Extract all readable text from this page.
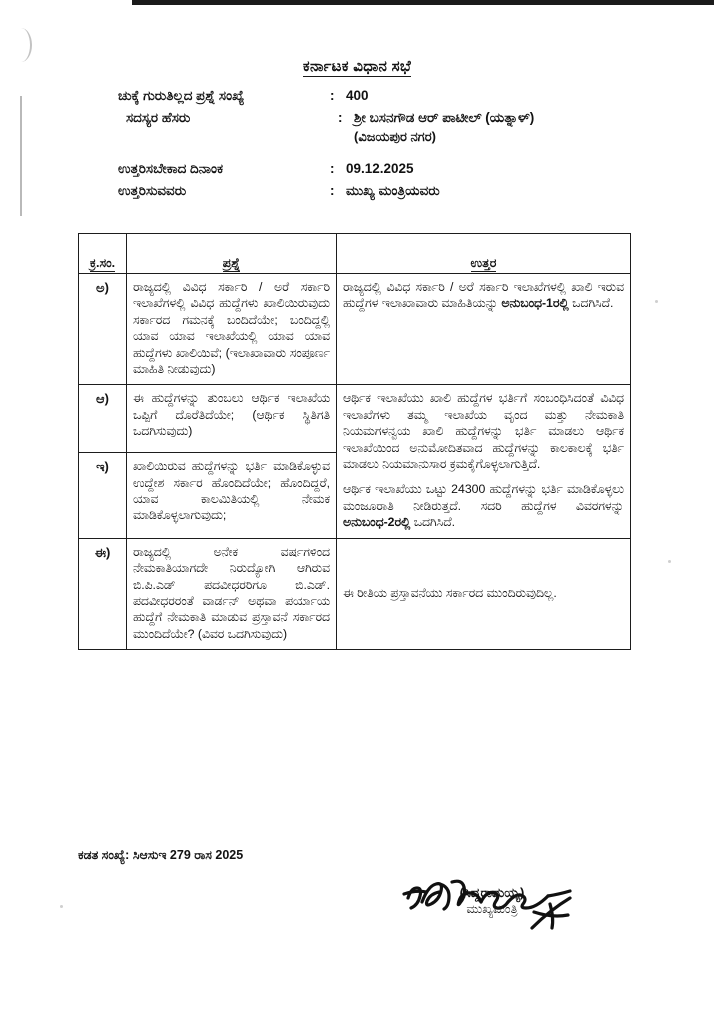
ಕರ್ನಾಟಕ ವಿಧಾನ ಸಭೆ
ಚುಕ್ಕೆ ಗುರುತಿಲ್ಲದ ಪ್ರಶ್ನೆ ಸಂಖ್ಯೆ	: 400
ಸದಸ್ಯರ ಹೆಸರು	: ಶ್ರೀ ಬಸನಗೌಡ ಆರ್ ಪಾಟೀಲ್ (ಯತ್ನಾಳ್)
(ವಿಜಯಪುರ ನಗರ)
ಉತ್ತರಿಸಬೇಕಾದ ದಿನಾಂಕ	: 09.12.2025
ಉತ್ತರಿಸುವವರು	: ಮುಖ್ಯ ಮಂತ್ರಿಯವರು
ಕ್ರ.ಸಂ.	ಪ್ರಶ್ನೆ	ಉತ್ತರ
ಅ)	ರಾಜ್ಯದಲ್ಲಿ ವಿವಿಧ ಸರ್ಕಾರಿ / ಅರೆ ಸರ್ಕಾರಿ ಇಲಾಖೆಗಳಲ್ಲಿ ವಿವಿಧ ಹುದ್ದೆಗಳು ಖಾಲಿಯಿರುವುದು ಸರ್ಕಾರದ ಗಮನಕ್ಕೆ ಬಂದಿದೆಯೇ; ಬಂದಿದ್ದಲ್ಲಿ ಯಾವ ಯಾವ ಇಲಾಖೆಯಲ್ಲಿ ಯಾವ ಯಾವ ಹುದ್ದೆಗಳು ಖಾಲಿಯಿವೆ; (ಇಲಾಖಾವಾರು ಸಂಪೂರ್ಣ ಮಾಹಿತಿ ನೀಡುವುದು)	ರಾಜ್ಯದಲ್ಲಿ ವಿವಿಧ ಸರ್ಕಾರಿ / ಅರೆ ಸರ್ಕಾರಿ ಇಲಾಖೆಗಳಲ್ಲಿ ಖಾಲಿ ಇರುವ ಹುದ್ದೆಗಳ ಇಲಾಖಾವಾರು ಮಾಹಿತಿಯನ್ನು ಅನುಬಂಧ-1ರಲ್ಲಿ ಒದಗಿಸಿದೆ.

ಆ)	ಈ ಹುದ್ದೆಗಳನ್ನು ತುಂಬಲು ಆರ್ಥಿಕ ಇಲಾಖೆಯ ಒಪ್ಪಿಗೆ ದೊರೆತಿದೆಯೇ; (ಆರ್ಥಿಕ ಸ್ಥಿತಿಗತಿ ಒದಗಿಸುವುದು)	ಆರ್ಥಿಕ ಇಲಾಖೆಯು ಖಾಲಿ ಹುದ್ದೆಗಳ ಭರ್ತಿಗೆ ಸಂಬಂಧಿಸಿದಂತೆ ವಿವಿಧ ಇಲಾಖೆಗಳು ತಮ್ಮ ಇಲಾಖೆಯ ವೃಂದ ಮತ್ತು ನೇಮಕಾತಿ ನಿಯಮಗಳನ್ವಯ ಖಾಲಿ ಹುದ್ದೆಗಳನ್ನು ಭರ್ತಿ ಮಾಡಲು ಆರ್ಥಿಕ ಇಲಾಖೆಯಿಂದ ಅನುಮೋದಿತವಾದ ಹುದ್ದೆಗಳನ್ನು ಕಾಲಕಾಲಕ್ಕೆ ಭರ್ತಿ ಮಾಡಲು ನಿಯಮಾನುಸಾರ ಕ್ರಮಕೈಗೊಳ್ಳಲಾಗುತ್ತಿದೆ.

ಆರ್ಥಿಕ ಇಲಾಖೆಯು ಒಟ್ಟು 24300 ಹುದ್ದೆಗಳನ್ನು ಭರ್ತಿ ಮಾಡಿಕೊಳ್ಳಲು ಮಂಜೂರಾತಿ ನೀಡಿರುತ್ತದೆ. ಸದರಿ ಹುದ್ದೆಗಳ ವಿವರಗಳನ್ನು ಅನುಬಂಧ-2ರಲ್ಲಿ ಒದಗಿಸಿದೆ.

ಇ)	ಖಾಲಿಯಿರುವ ಹುದ್ದೆಗಳನ್ನು ಭರ್ತಿ ಮಾಡಿಕೊಳ್ಳುವ ಉದ್ದೇಶ ಸರ್ಕಾರ ಹೊಂದಿದೆಯೇ; ಹೊಂದಿದ್ದರೆ, ಯಾವ ಕಾಲಮಿತಿಯಲ್ಲಿ ನೇಮಕ ಮಾಡಿಕೊಳ್ಳಲಾಗುವುದು;	

ಈ)	ರಾಜ್ಯದಲ್ಲಿ ಅನೇಕ ವರ್ಷಗಳಿಂದ ನೇಮಕಾತಿಯಾಗದೇ ನಿರುದ್ಯೋಗಿ ಆಗಿರುವ ಬಿ.ಪಿ.ಎಡ್ ಪದವೀಧರರಿಗೂ ಬಿ.ಎಡ್. ಪದವೀಧರರಂತೆ ವಾರ್ಡನ್ ಅಥವಾ ಪರ್ಯಾಯ ಹುದ್ದೆಗೆ ನೇಮಕಾತಿ ಮಾಡುವ ಪ್ರಸ್ತಾವನೆ ಸರ್ಕಾರದ ಮುಂದಿದೆಯೇ? (ವಿವರ ಒದಗಿಸುವುದು)	ಈ ರೀತಿಯ ಪ್ರಸ್ತಾವನೆಯು ಸರ್ಕಾರದ ಮುಂದಿರುವುದಿಲ್ಲ.

ಕಡತ ಸಂಖ್ಯೆ: ಸಿಆಸುಇ 279 ರಾಸ 2025
(ಸಿದ್ದರಾಮಯ್ಯ)
ಮುಖ್ಯಮಂತ್ರಿ
